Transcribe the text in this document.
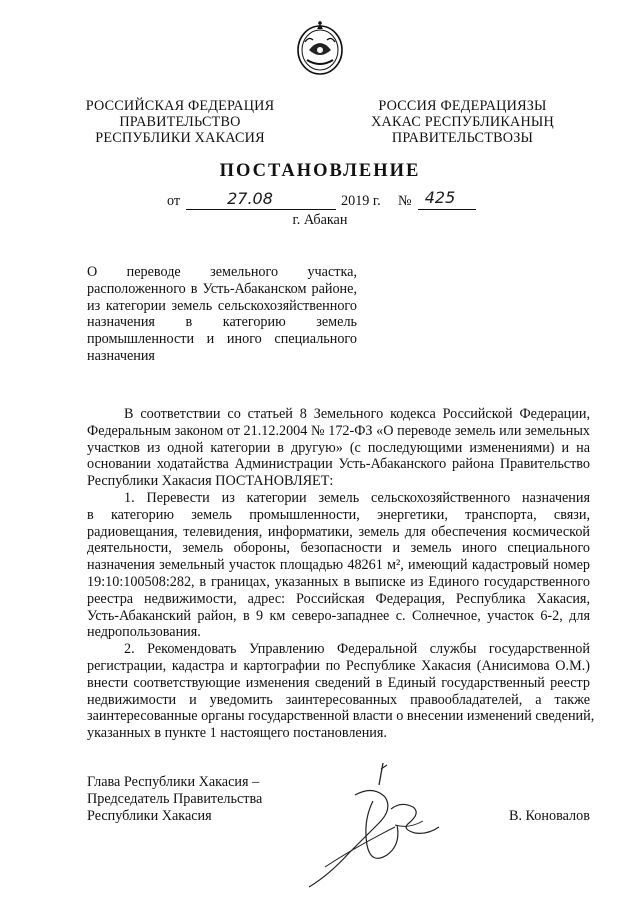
РОССИЙСКАЯ ФЕДЕРАЦИЯ
ПРАВИТЕЛЬСТВО
РЕСПУБЛИКИ ХАКАСИЯ
РОССИЯ ФЕДЕРАЦИЯЗЫ
ХАКАС РЕСПУБЛИКАНЫҢ
ПРАВИТЕЛЬСТВОЗЫ
ПОСТАНОВЛЕНИЕ
от	27.08	2019 г. № 425
г. Абакан
О переводе земельного участка,
расположенного в Усть-Абаканском районе,
из категории земель сельскохозяйственного
назначения в категорию земель
промышленности и иного специального
назначения
В соответствии со статьей 8 Земельного кодекса Российской Федерации,
Федеральным законом от 21.12.2004 № 172-ФЗ «О переводе земель или земельных
участков из одной категории в другую» (с последующими изменениями) и на
основании ходатайства Администрации Усть-Абаканского района Правительство
Республики Хакасия ПОСТАНОВЛЯЕТ:
1. Перевести из категории земель сельскохозяйственного назначения
в категорию земель промышленности, энергетики, транспорта, связи,
радиовещания, телевидения, информатики, земель для обеспечения космической
деятельности, земель обороны, безопасности и земель иного специального
назначения земельный участок площадью 48261 м², имеющий кадастровый номер
19:10:100508:282, в границах, указанных в выписке из Единого государственного
реестра недвижимости, адрес: Российская Федерация, Республика Хакасия,
Усть-Абаканский район, в 9 км северо-западнее с. Солнечное, участок 6-2, для
недропользования.
2. Рекомендовать Управлению Федеральной службы государственной
регистрации, кадастра и картографии по Республике Хакасия (Анисимова О.М.)
внести соответствующие изменения сведений в Единый государственный реестр
недвижимости и уведомить заинтересованных правообладателей, а также
заинтересованные органы государственной власти о внесении изменений сведений,
указанных в пункте 1 настоящего постановления.
Глава Республики Хакасия –
Председатель Правительства
Республики Хакасия	В. Коновалов
